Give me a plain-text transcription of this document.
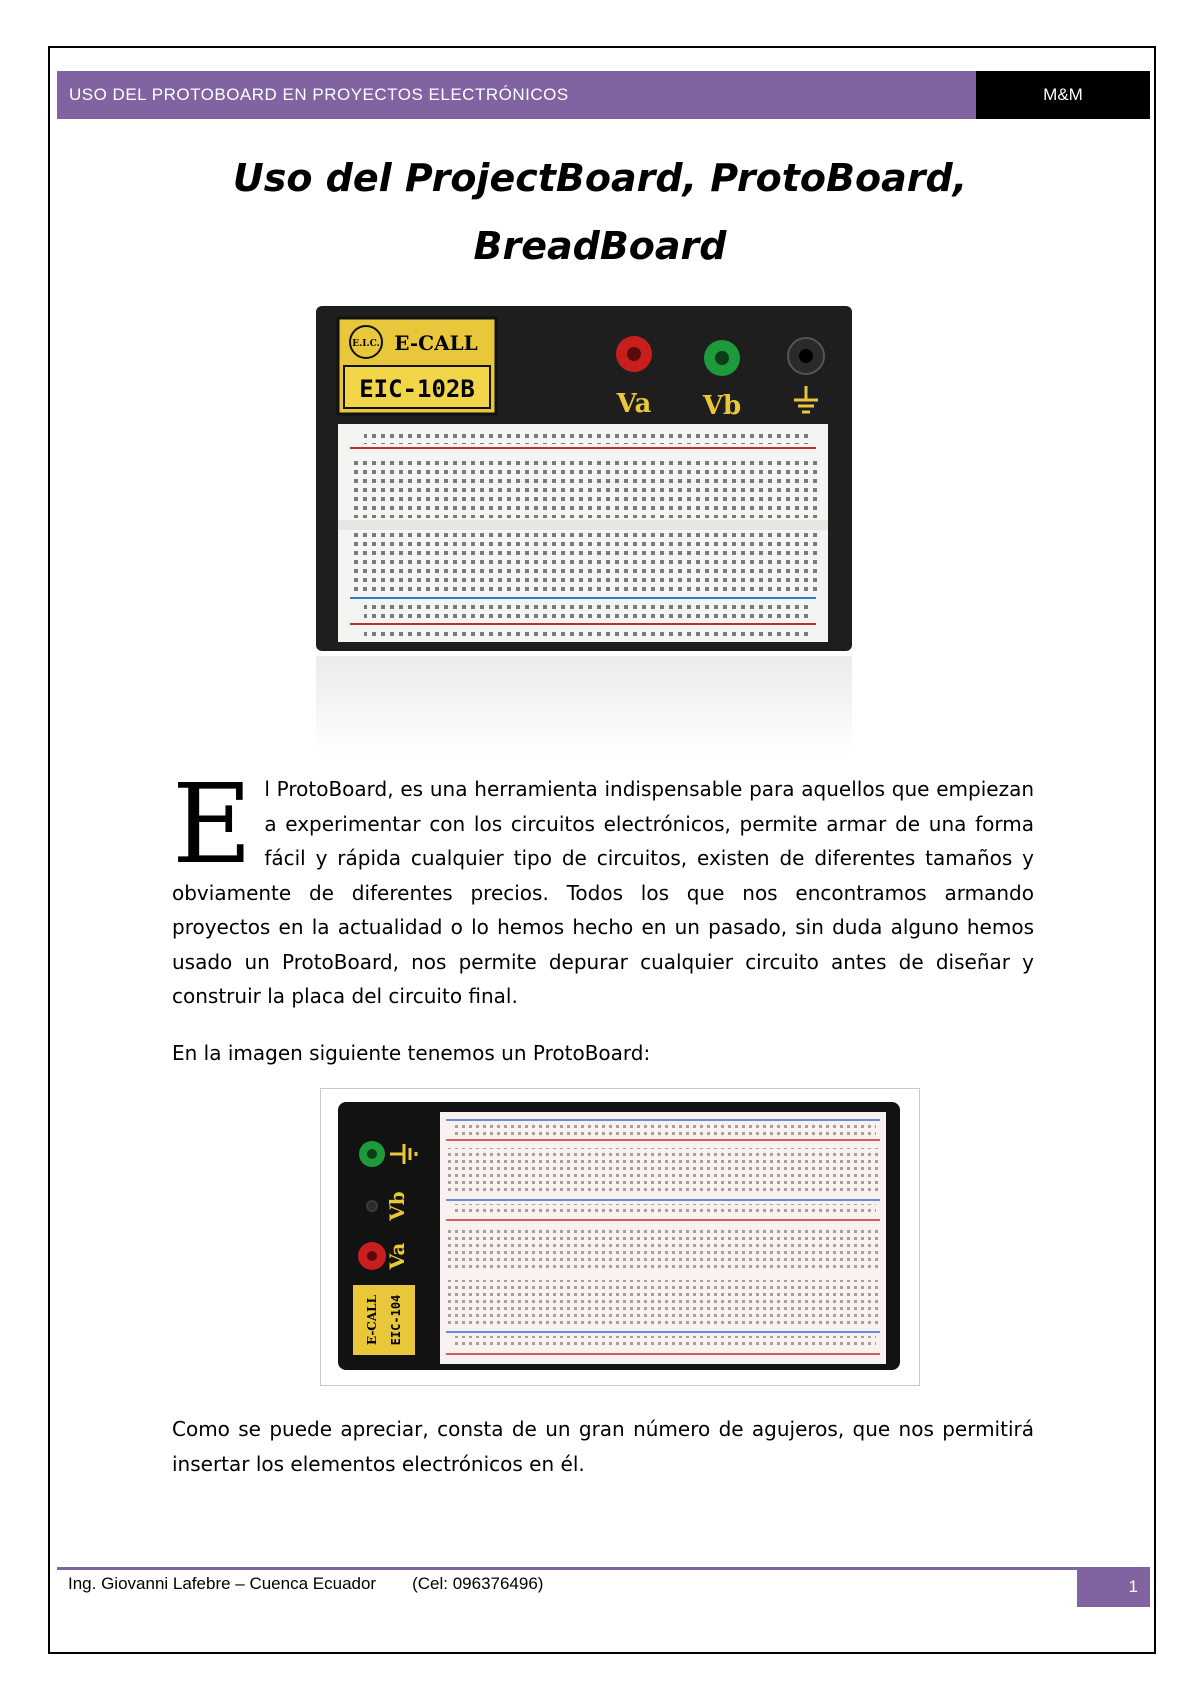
USO DEL PROTOBOARD EN PROYECTOS ELECTRÓNICOS	M&M
Uso del ProjectBoard, ProtoBoard,
BreadBoard
E.I.C. E-CALL
EIC-102B	Va Vb
El ProtoBoard, es una herramienta indispensable para aquellos que empiezan a experimentar con los circuitos electrónicos, permite armar de una forma fácil y rápida cualquier tipo de circuitos, existen de diferentes tamaños y obviamente de diferentes precios. Todos los que nos encontramos armando proyectos en la actualidad o lo hemos hecho en un pasado, sin duda alguno hemos usado un ProtoBoard, nos permite depurar cualquier circuito antes de diseñar y construir la placa del circuito final.
En la imagen siguiente tenemos un ProtoBoard:
Vb
Va
E-CALL EIC-104
Como se puede apreciar, consta de un gran número de agujeros, que nos permitirá insertar los elementos electrónicos en él.
Ing. Giovanni Lafebre – Cuenca Ecuador (Cel: 096376496)	1
